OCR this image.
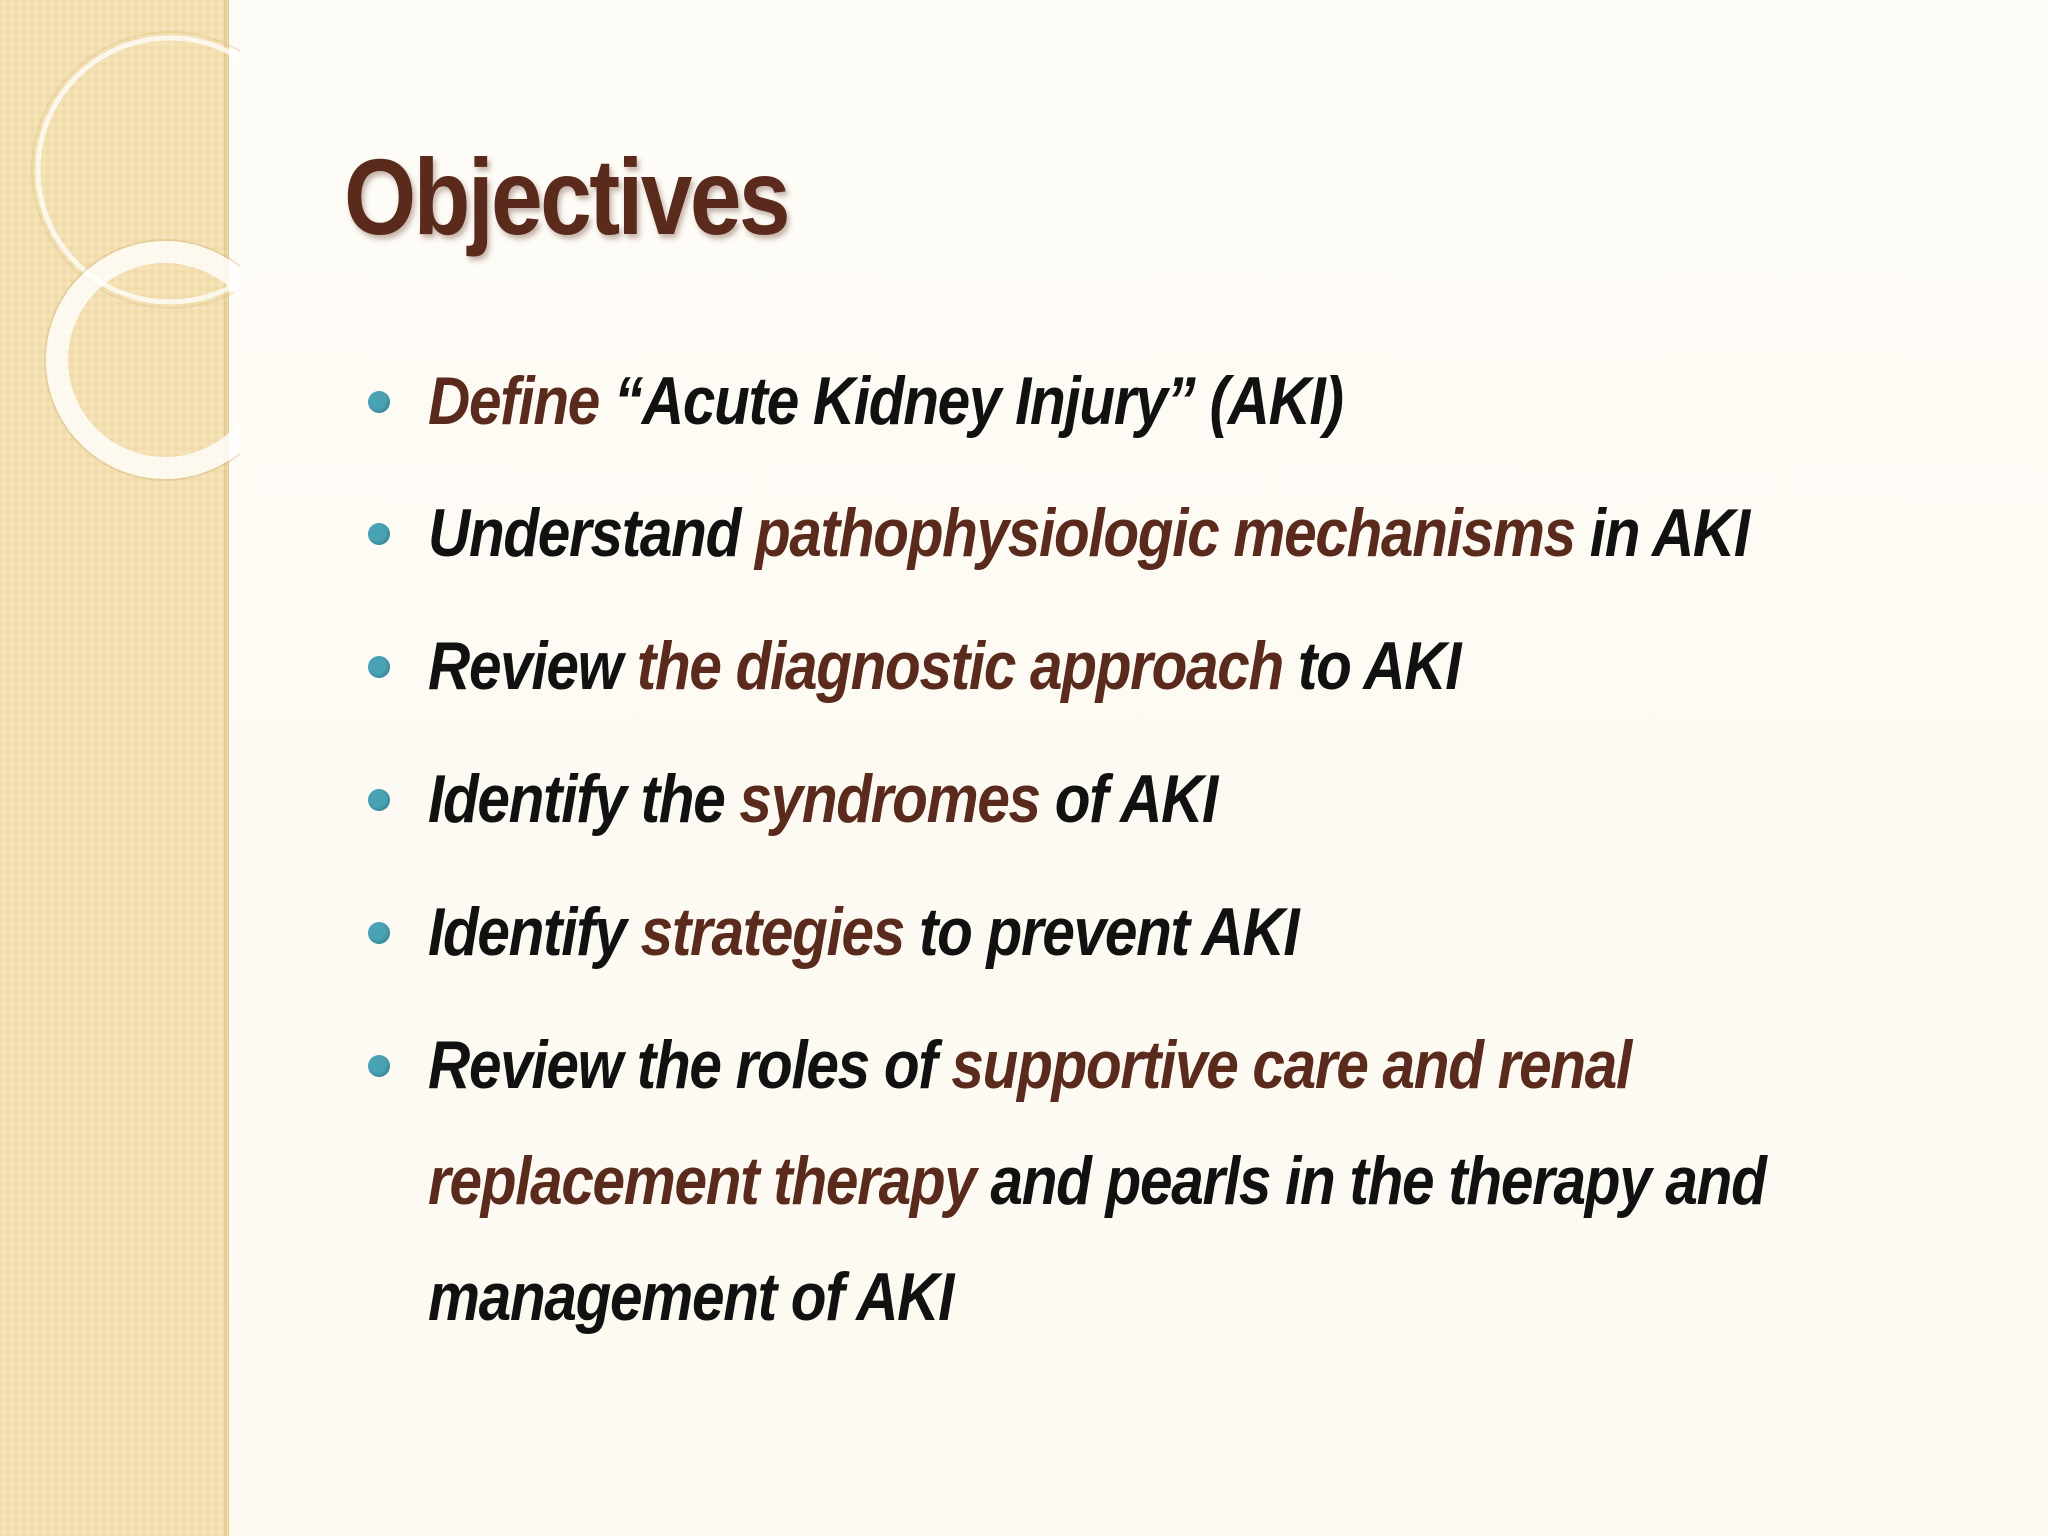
Objectives
Define “Acute Kidney Injury” (AKI)
Understand pathophysiologic mechanisms in AKI
Review the diagnostic approach to AKI
Identify the syndromes of AKI
Identify strategies to prevent AKI
Review the roles of supportive care and renal
replacement therapy and pearls in the therapy and
management of AKI
